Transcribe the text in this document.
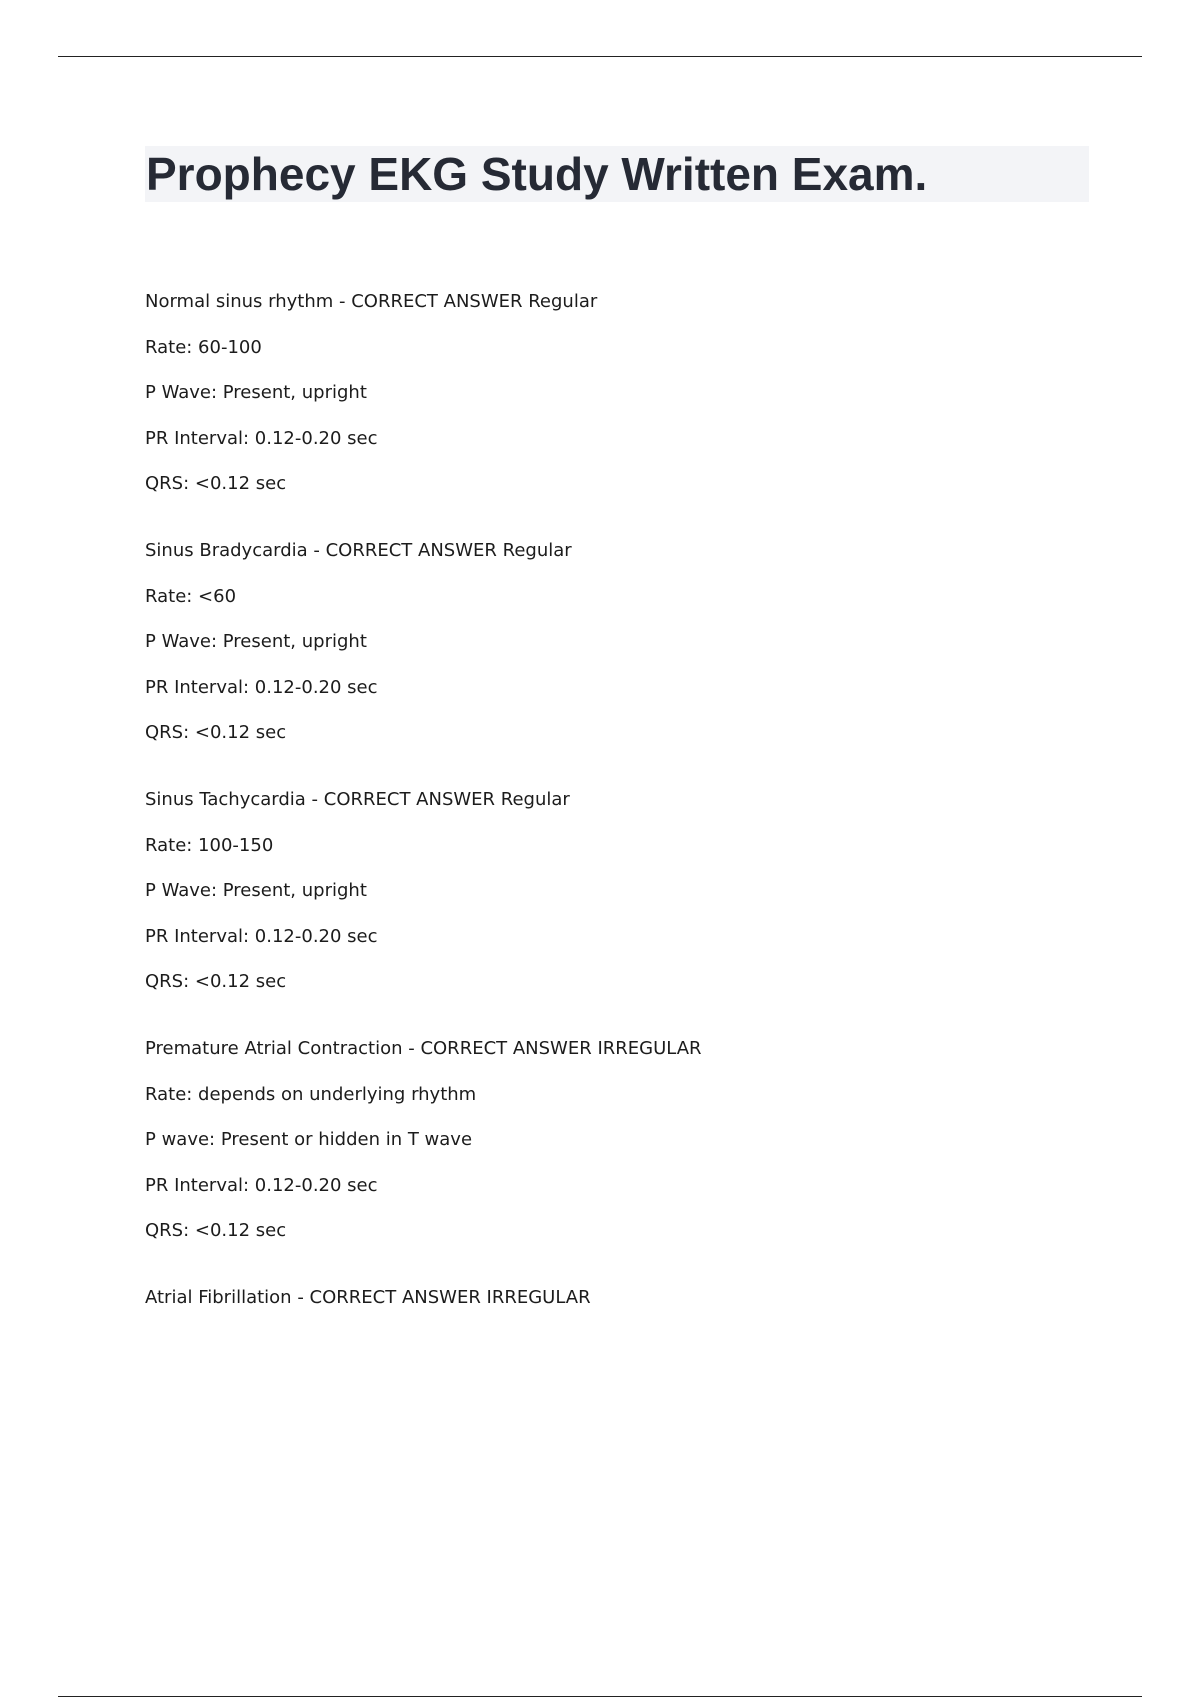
Prophecy EKG Study Written Exam.
Normal sinus rhythm - CORRECT ANSWER Regular
Rate: 60-100
P Wave: Present, upright
PR Interval: 0.12-0.20 sec
QRS: <0.12 sec
Sinus Bradycardia - CORRECT ANSWER Regular
Rate: <60
P Wave: Present, upright
PR Interval: 0.12-0.20 sec
QRS: <0.12 sec
Sinus Tachycardia - CORRECT ANSWER Regular
Rate: 100-150
P Wave: Present, upright
PR Interval: 0.12-0.20 sec
QRS: <0.12 sec
Premature Atrial Contraction - CORRECT ANSWER IRREGULAR
Rate: depends on underlying rhythm
P wave: Present or hidden in T wave
PR Interval: 0.12-0.20 sec
QRS: <0.12 sec
Atrial Fibrillation - CORRECT ANSWER IRREGULAR
